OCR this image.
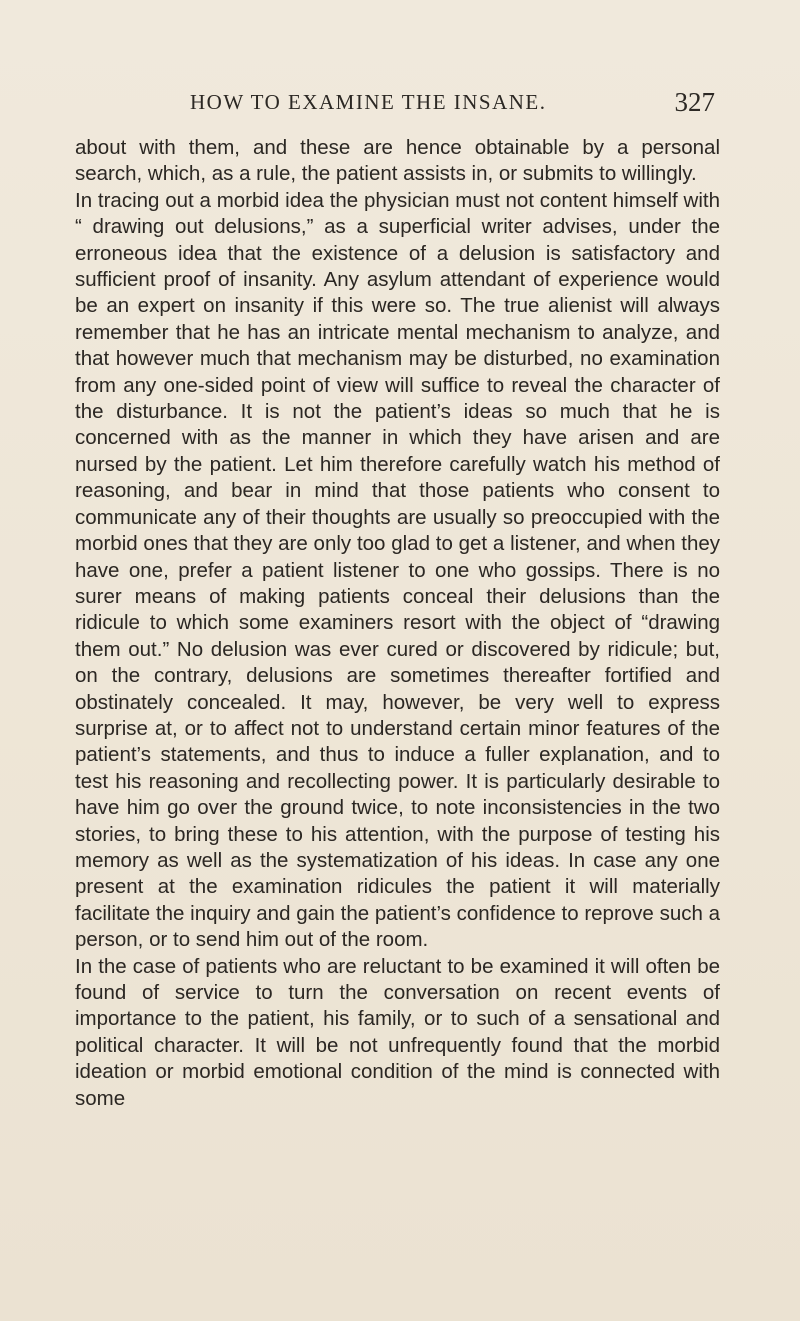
HOW TO EXAMINE THE INSANE.	327

about with them, and these are hence obtainable by a personal search, which, as a rule, the patient assists in, or submits to willingly.

In tracing out a morbid idea the physician must not content himself with “ drawing out delusions,” as a superficial writer advises, under the erroneous idea that the existence of a delusion is satisfactory and sufficient proof of insanity. Any asylum attendant of experience would be an expert on insanity if this were so. The true alienist will always remember that he has an intricate mental mechanism to analyze, and that however much that mechanism may be disturbed, no examination from any one-sided point of view will suffice to reveal the character of the disturbance. It is not the patient’s ideas so much that he is concerned with as the manner in which they have arisen and are nursed by the patient. Let him therefore carefully watch his method of reasoning, and bear in mind that those patients who consent to communicate any of their thoughts are usually so preoccupied with the morbid ones that they are only too glad to get a listener, and when they have one, prefer a patient listener to one who gossips. There is no surer means of making patients conceal their delusions than the ridicule to which some examiners resort with the object of “drawing them out.” No delusion was ever cured or discovered by ridicule; but, on the contrary, delusions are sometimes thereafter fortified and obstinately concealed. It may, however, be very well to express surprise at, or to affect not to understand certain minor features of the patient’s statements, and thus to induce a fuller explanation, and to test his reasoning and recollecting power. It is particularly desirable to have him go over the ground twice, to note inconsistencies in the two stories, to bring these to his attention, with the purpose of testing his memory as well as the systematization of his ideas. In case any one present at the examination ridicules the patient it will materially facilitate the inquiry and gain the patient’s confidence to reprove such a person, or to send him out of the room.

In the case of patients who are reluctant to be examined it will often be found of service to turn the conversation on recent events of importance to the patient, his family, or to such of a sensational and political character. It will be not unfrequently found that the morbid ideation or morbid emotional condition of the mind is connected with some
